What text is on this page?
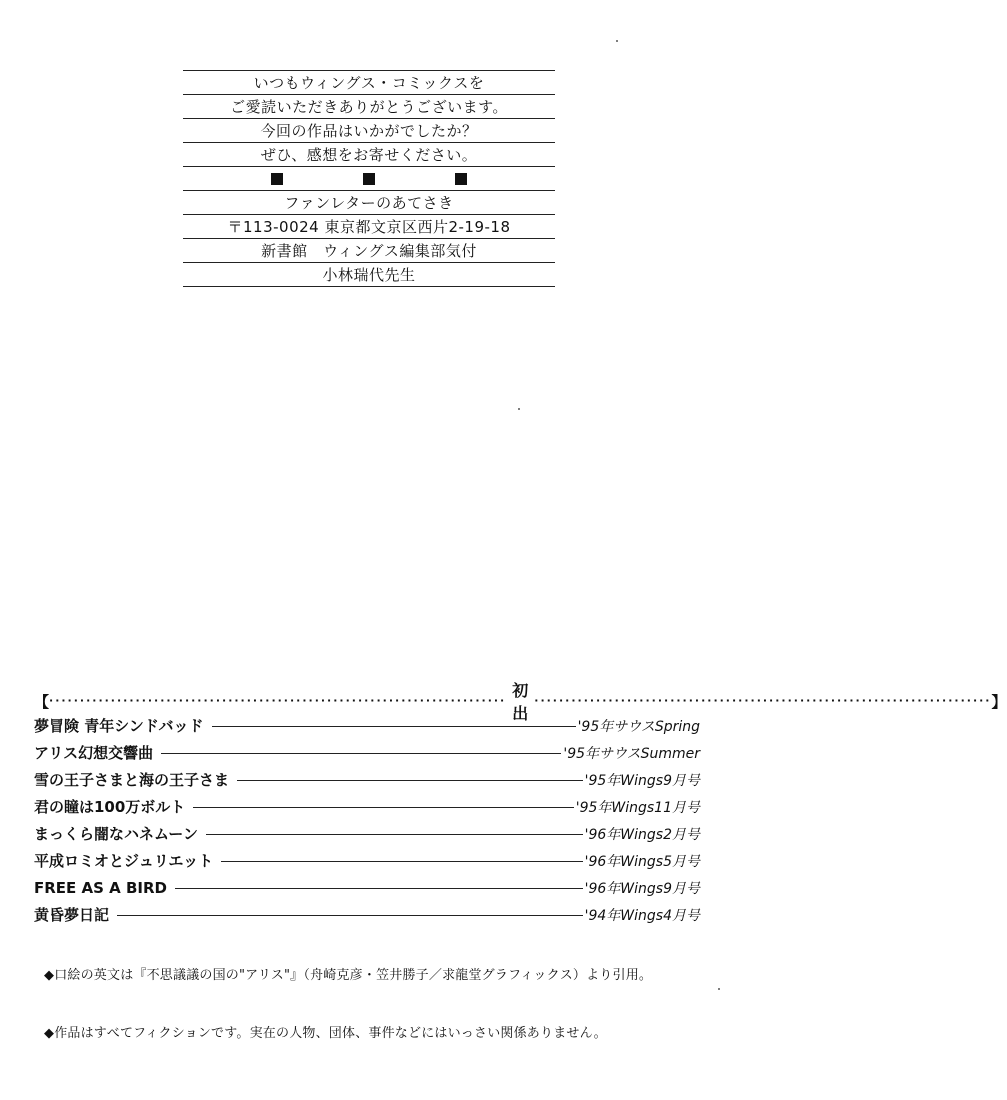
いつもウィングス・コミックスを
ご愛読いただきありがとうございます。
今回の作品はいかがでしたか？
ぜひ、感想をお寄せください。
ファンレターのあてさき
〒113-0024 東京都文京区西片2-19-18
新書館　ウィングス編集部気付
小林瑞代先生
【 ··········································································
初出
·········································································· 】
夢冒険 青年シンドバッド	'95年サウスSpring
アリス幻想交響曲	'95年サウスSummer
雪の王子さまと海の王子さま	'95年Wings9月号
君の瞳は100万ボルト	'95年Wings11月号
まっくら闇なハネムーン	'96年Wings2月号
平成ロミオとジュリエット	'96年Wings5月号
FREE AS A BIRD	'96年Wings9月号
黄昏夢日記	'94年Wings4月号
◆口絵の英文は『不思議議の国の"アリス"』（舟崎克彦・笠井勝子／求龍堂グラフィックス）より引用。
◆作品はすべてフィクションです。実在の人物、団体、事件などにはいっさい関係ありません。
